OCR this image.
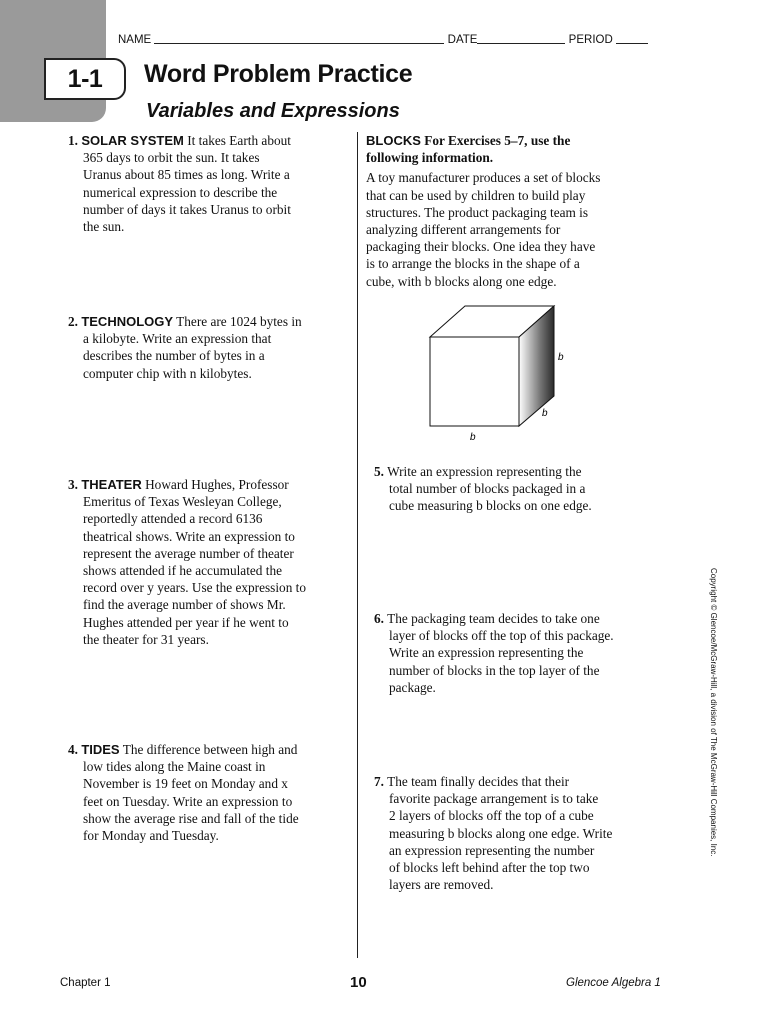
1-1
NAME	DATE	PERIOD
Word Problem Practice
Variables and Expressions

1. SOLAR SYSTEM It takes Earth about
365 days to orbit the sun. It takes
Uranus about 85 times as long. Write a
numerical expression to describe the
number of days it takes Uranus to orbit
the sun.

2. TECHNOLOGY There are 1024 bytes in
a kilobyte. Write an expression that
describes the number of bytes in a
computer chip with n kilobytes.

3. THEATER Howard Hughes, Professor
Emeritus of Texas Wesleyan College,
reportedly attended a record 6136
theatrical shows. Write an expression to
represent the average number of theater
shows attended if he accumulated the
record over y years. Use the expression to
find the average number of shows Mr.
Hughes attended per year if he went to
the theater for 31 years.

4. TIDES The difference between high and
low tides along the Maine coast in
November is 19 feet on Monday and x
feet on Tuesday. Write an expression to
show the average rise and fall of the tide
for Monday and Tuesday.

BLOCKS For Exercises 5–7, use the
following information.

A toy manufacturer produces a set of blocks
that can be used by children to build play
structures. The product packaging team is
analyzing different arrangements for
packaging their blocks. One idea they have
is to arrange the blocks in the shape of a
cube, with b blocks along one edge.

b
b
b

5. Write an expression representing the
total number of blocks packaged in a
cube measuring b blocks on one edge.

6. The packaging team decides to take one
layer of blocks off the top of this package.
Write an expression representing the
number of blocks in the top layer of the
package.

7. The team finally decides that their
favorite package arrangement is to take
2 layers of blocks off the top of a cube
measuring b blocks along one edge. Write
an expression representing the number
of blocks left behind after the top two
layers are removed.

Copyright © Glencoe/McGraw-Hill, a division of The McGraw-Hill Companies, Inc.
Chapter 1	10	Glencoe Algebra 1
